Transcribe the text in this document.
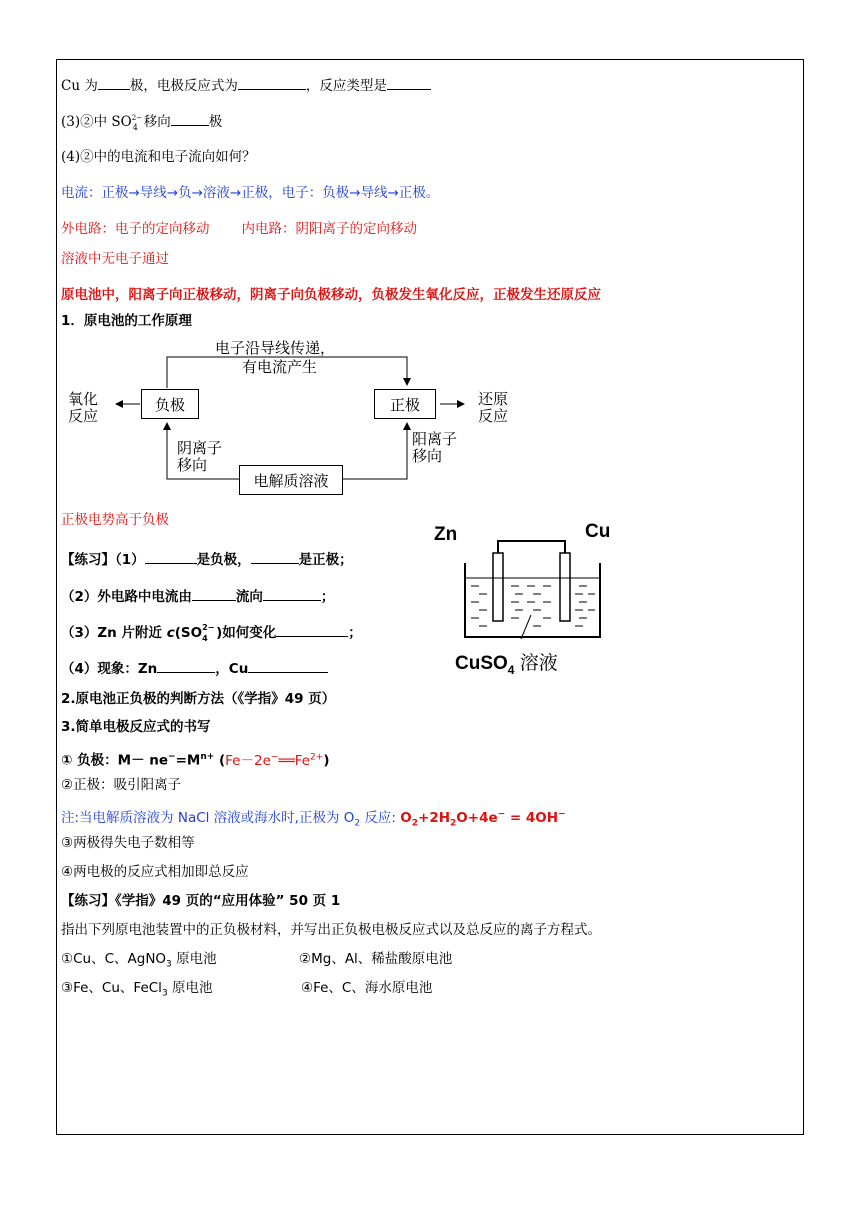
Cu 为 极，电极反应式为	，反应类型是
(3)②中 SO 2−
4 移向	极
(4)②中的电流和电子流向如何？
电流：正极→导线→负→溶液→正极，电子：负极→导线→正极。
外电路：电子的定向移动 内电路：阴阳离子的定向移动
溶液中无电子通过
原电池中，阳离子向正极移动，阴离子向负极移动，负极发生氧化反应，正极发生还原反应
1．原电池的工作原理
电子沿导线传递，
有电流产生
负极	正极
电解质溶液
氧化
反应
还原
反应
阴离子
移向
阳离子
移向
正极电势高于负极
Zn	Cu
CuSO$_4$ 溶液
【练习】（1）	是负极，	是正极；
（2）外电路中电流由	流向	；
（3）Zn 片附近 c(SO 2−
4 )如何变化	；
（4）现象：Zn	，Cu
2.原电池正负极的判断方法（《学指》49 页）
3.简单电极反应式的书写
① 负极：$M- ne^-=M^{n+}$ $(Fe-2e^-══Fe^{2+})$
②正极：吸引阳离子
注:当电解质溶液为 NaCl 溶液或海水时,正极为 $O_2$ 反应: $O_2+2H_2O+4e^- = 4OH^-$
③两极得失电子数相等
④两电极的反应式相加即总反应
【练习】《学指》49 页的“应用体验” 50 页 1
指出下列原电池装置中的正负极材料，并写出正负极电极反应式以及总反应的离子方程式。
①Cu、C、AgNO$_3$ 原电池	②Mg、Al、稀盐酸原电池
③Fe、Cu、FeCl$_3$ 原电池	④Fe、C、海水原电池
